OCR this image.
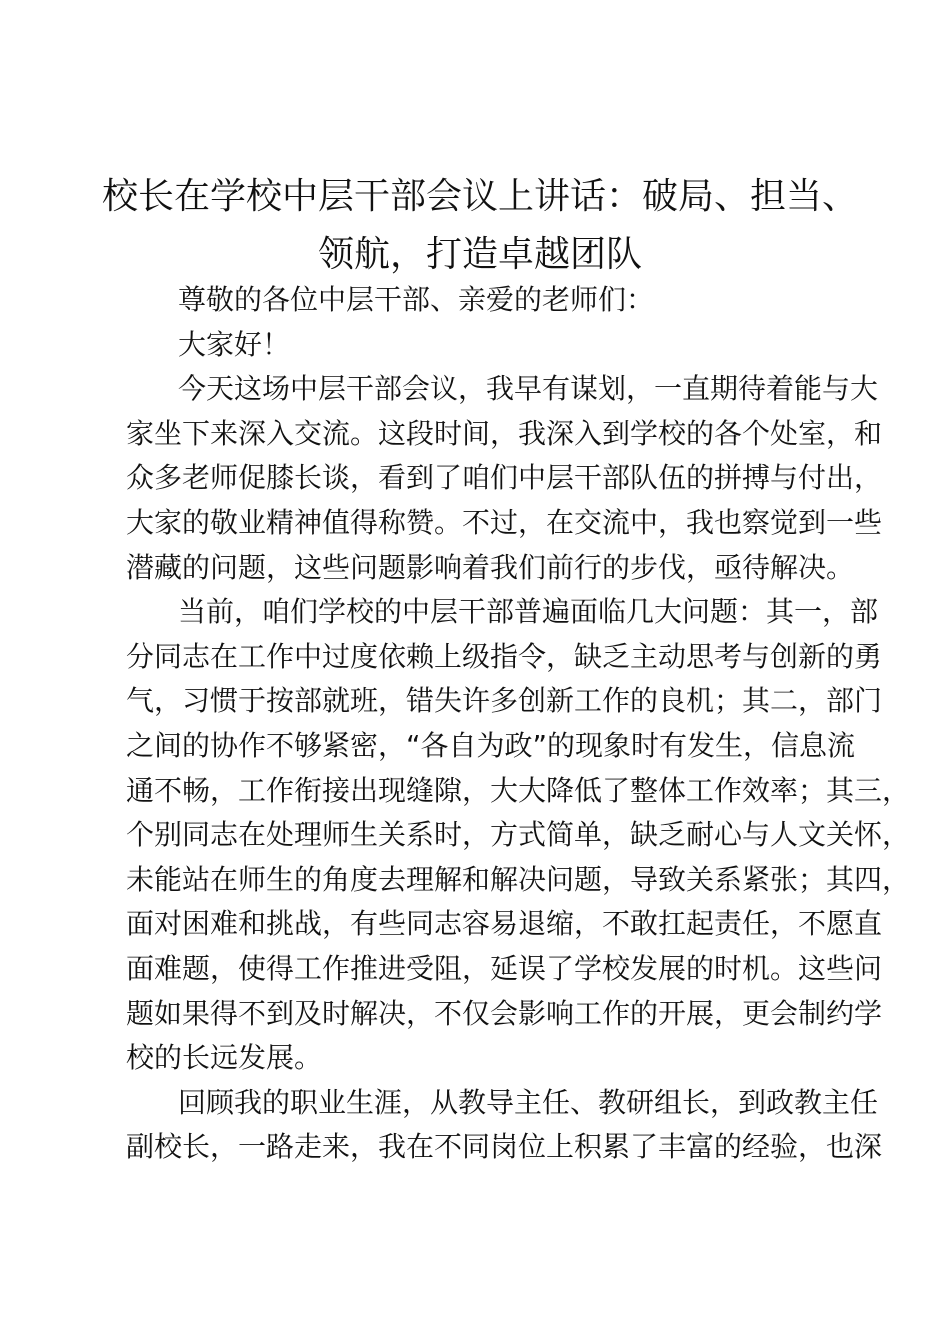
校长在学校中层干部会议上讲话：破局、担当、
领航，打造卓越团队

尊敬的各位中层干部、亲爱的老师们：

大家好！

今天这场中层干部会议，我早有谋划，一直期待着能与大
家坐下来深入交流。这段时间，我深入到学校的各个处室，和
众多老师促膝长谈，看到了咱们中层干部队伍的拼搏与付出，
大家的敬业精神值得称赞。不过，在交流中，我也察觉到一些
潜藏的问题，这些问题影响着我们前行的步伐，亟待解决。

当前，咱们学校的中层干部普遍面临几大问题：其一，部
分同志在工作中过度依赖上级指令，缺乏主动思考与创新的勇
气，习惯于按部就班，错失许多创新工作的良机；其二，部门
之间的协作不够紧密，“各自为政”的现象时有发生，信息流
通不畅，工作衔接出现缝隙，大大降低了整体工作效率；其三，
个别同志在处理师生关系时，方式简单，缺乏耐心与人文关怀，
未能站在师生的角度去理解和解决问题，导致关系紧张；其四，
面对困难和挑战，有些同志容易退缩，不敢扛起责任，不愿直
面难题，使得工作推进受阻，延误了学校发展的时机。这些问
题如果得不到及时解决，不仅会影响工作的开展，更会制约学
校的长远发展。

回顾我的职业生涯，从教导主任、教研组长，到政教主任
副校长，一路走来，我在不同岗位上积累了丰富的经验，也深
